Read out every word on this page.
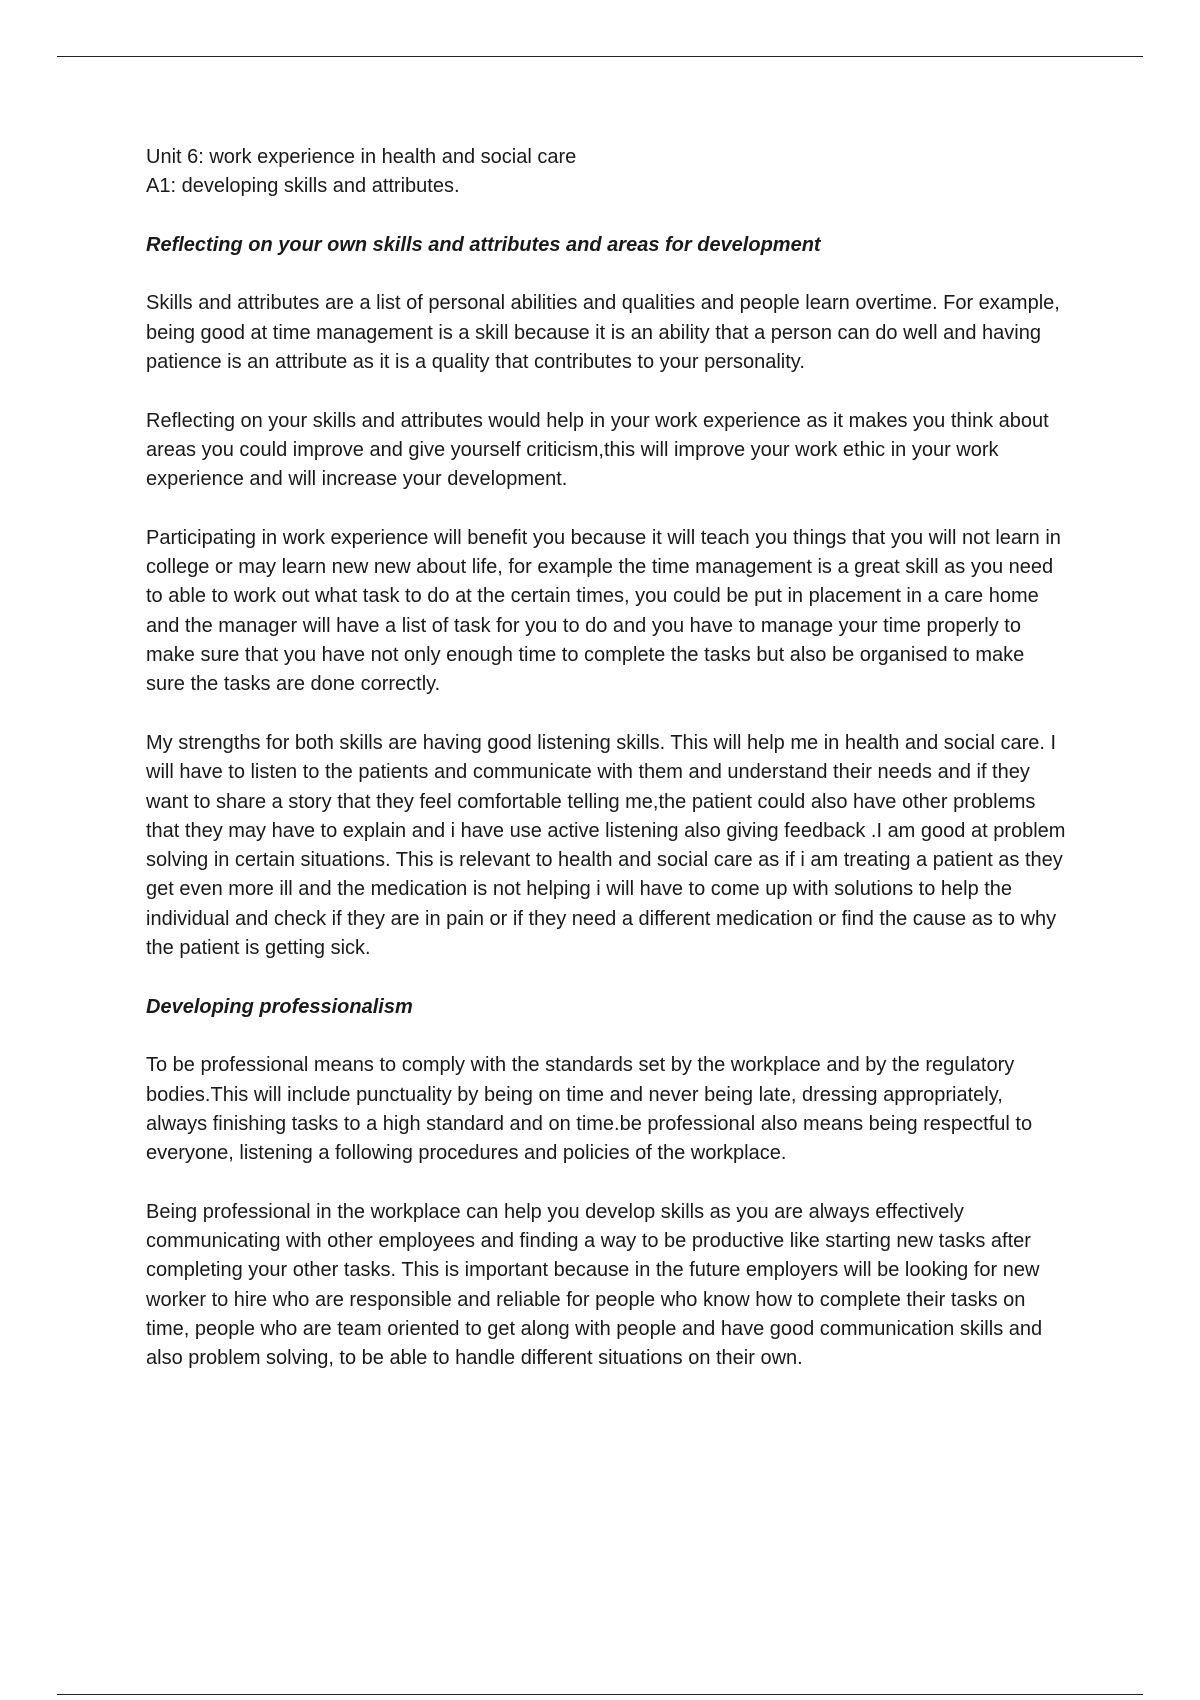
Unit 6: work experience in health and social care

A1: developing skills and attributes.

Reflecting on your own skills and attributes and areas for development

Skills and attributes are a list of personal abilities and qualities and people learn overtime. For example, being good at time management is a skill because it is an ability that a person can do well and having patience is an attribute as it is a quality that contributes to your personality.

Reflecting on your skills and attributes would help in your work experience as it makes you think about areas you could improve and give yourself criticism,this will improve your work ethic in your work experience and will increase your development.

Participating in work experience will benefit you because it will teach you things that you will not learn in college or may learn new new about life, for example the time management is a great skill as you need to able to work out what task to do at the certain times, you could be put in placement in a care home and the manager will have a list of task for you to do and you have to manage your time properly to make sure that you have not only enough time to complete the tasks but also be organised to make sure the tasks are done correctly.

My strengths for both skills are having good listening skills. This will help me in health and social care. I will have to listen to the patients and communicate with them and understand their needs and if they want to share a story that they feel comfortable telling me,the patient could also have other problems that they may have to explain and i have use active listening also giving feedback .I am good at problem solving in certain situations. This is relevant to health and social care as if i am treating a patient as they get even more ill and the medication is not helping i will have to come up with solutions to help the individual and check if they are in pain or if they need a different medication or find the cause as to why the patient is getting sick.

Developing professionalism

To be professional means to comply with the standards set by the workplace and by the regulatory bodies.This will include punctuality by being on time and never being late, dressing appropriately, always finishing tasks to a high standard and on time.be professional also means being respectful to everyone, listening a following procedures and policies of the workplace.

Being professional in the workplace can help you develop skills as you are always effectively communicating with other employees and finding a way to be productive like starting new tasks after completing your other tasks. This is important because in the future employers will be looking for new worker to hire who are responsible and reliable for people who know how to complete their tasks on time, people who are team oriented to get along with people and have good communication skills and also problem solving, to be able to handle different situations on their own.
